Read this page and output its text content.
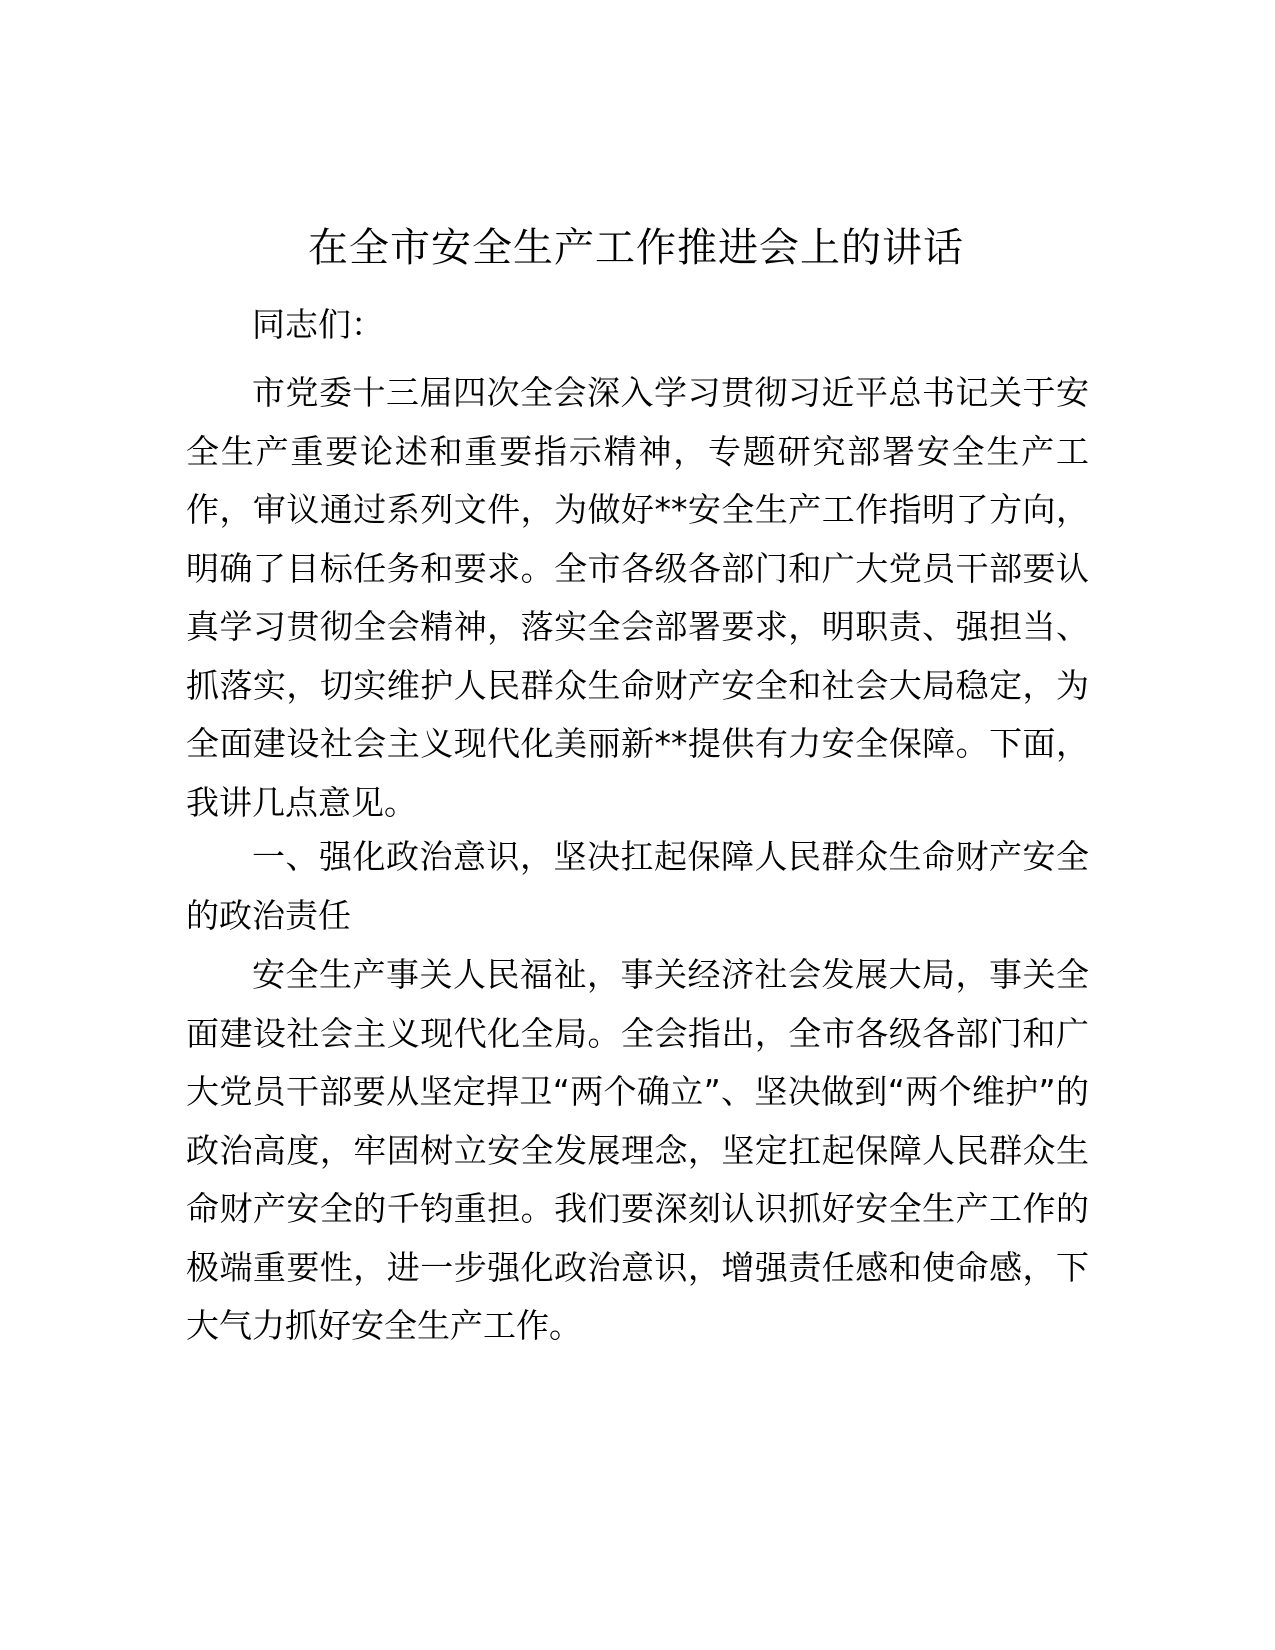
在全市安全生产工作推进会上的讲话

同志们：

市党委十三届四次全会深入学习贯彻习近平总书记关于安全生产重要论述和重要指示精神，专题研究部署安全生产工作，审议通过系列文件，为做好**安全生产工作指明了方向，明确了目标任务和要求。全市各级各部门和广大党员干部要认真学习贯彻全会精神，落实全会部署要求，明职责、强担当、抓落实，切实维护人民群众生命财产安全和社会大局稳定，为全面建设社会主义现代化美丽新**提供有力安全保障。下面，我讲几点意见。

一、强化政治意识，坚决扛起保障人民群众生命财产安全的政治责任

安全生产事关人民福祉，事关经济社会发展大局，事关全面建设社会主义现代化全局。全会指出，全市各级各部门和广大党员干部要从坚定捍卫“两个确立”、坚决做到“两个维护”的政治高度，牢固树立安全发展理念，坚定扛起保障人民群众生命财产安全的千钧重担。我们要深刻认识抓好安全生产工作的极端重要性，进一步强化政治意识，增强责任感和使命感，下大气力抓好安全生产工作。
